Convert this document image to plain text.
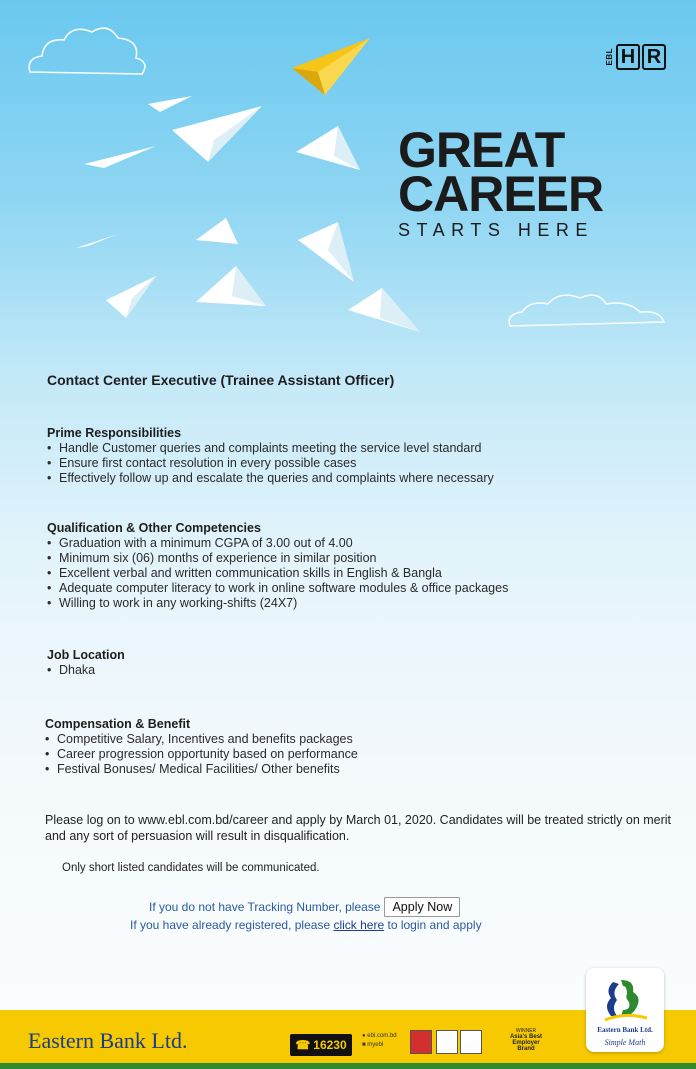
EBL H R
GREAT
CAREER
STARTS HERE
Contact Center Executive (Trainee Assistant Officer)
Prime Responsibilities
• Handle Customer queries and complaints meeting the service level standard
• Ensure first contact resolution in every possible cases
• Effectively follow up and escalate the queries and complaints where necessary
Qualification & Other Competencies
• Graduation with a minimum CGPA of 3.00 out of 4.00
• Minimum six (06) months of experience in similar position
• Excellent verbal and written communication skills in English & Bangla
• Adequate computer literacy to work in online software modules & office packages
• Willing to work in any working-shifts (24X7)
Job Location
• Dhaka
Compensation & Benefit
• Competitive Salary, Incentives and benefits packages
• Career progression opportunity based on performance
• Festival Bonuses/ Medical Facilities/ Other benefits
Please log on to www.ebl.com.bd/career and apply by March 01, 2020. Candidates will be treated strictly on merit and any sort of persuasion will result in disqualification.
Only short listed candidates will be communicated.
If you do not have Tracking Number, please Apply Now
If you have already registered, please click here to login and apply
Eastern Bank Ltd.	☎ 16230
● ebl.com.bd
■ myebl
WINNER
Asia's Best
Employer Brand
Eastern Bank Ltd.
Simple Math
